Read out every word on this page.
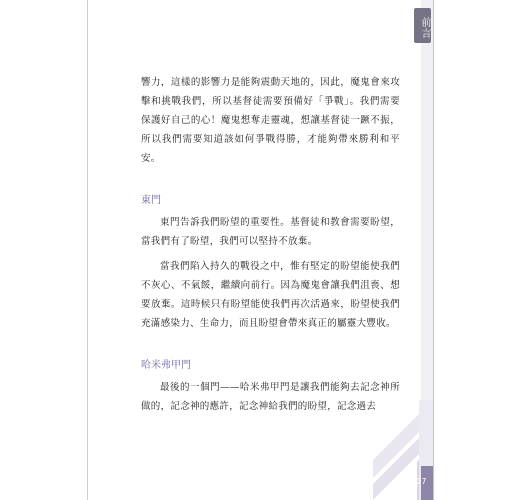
前言
007

響力，這樣的影響力是能夠震動天地的，因此，魔鬼會來攻擊和挑戰我們，所以基督徒需要預備好「爭戰」。我們需要保護好自己的心！魔鬼想奪走靈魂，想讓基督徒一蹶不振，所以我們需要知道該如何爭戰得勝，才能夠帶來勝利和平安。

東門

東門告訴我們盼望的重要性。基督徒和教會需要盼望，當我們有了盼望，我們可以堅持不放棄。

當我們陷入持久的戰役之中，惟有堅定的盼望能使我們不灰心、不氣餒，繼續向前行。因為魔鬼會讓我們沮喪、想要放棄。這時候只有盼望能使我們再次活過來，盼望使我們充滿感染力、生命力，而且盼望會帶來真正的屬靈大豐收。

哈米弗甲門

最後的一個門——哈米弗甲門是讓我們能夠去記念神所做的，記念神的應許，記念神給我們的盼望，記念過去
